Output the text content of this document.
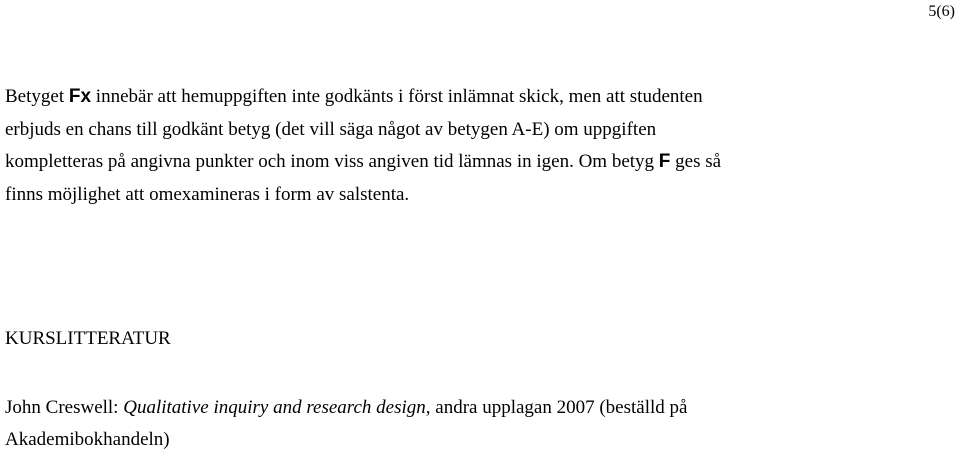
5(6)
Betyget Fx innebär att hemuppgiften inte godkänts i först inlämnat skick, men att studenten
erbjuds en chans till godkänt betyg (det vill säga något av betygen A-E) om uppgiften
kompletteras på angivna punkter och inom viss angiven tid lämnas in igen. Om betyg F ges så
finns möjlighet att omexamineras i form av salstenta.
KURSLITTERATUR
John Creswell: Qualitative inquiry and research design, andra upplagan 2007 (beställd på
Akademibokhandeln)
